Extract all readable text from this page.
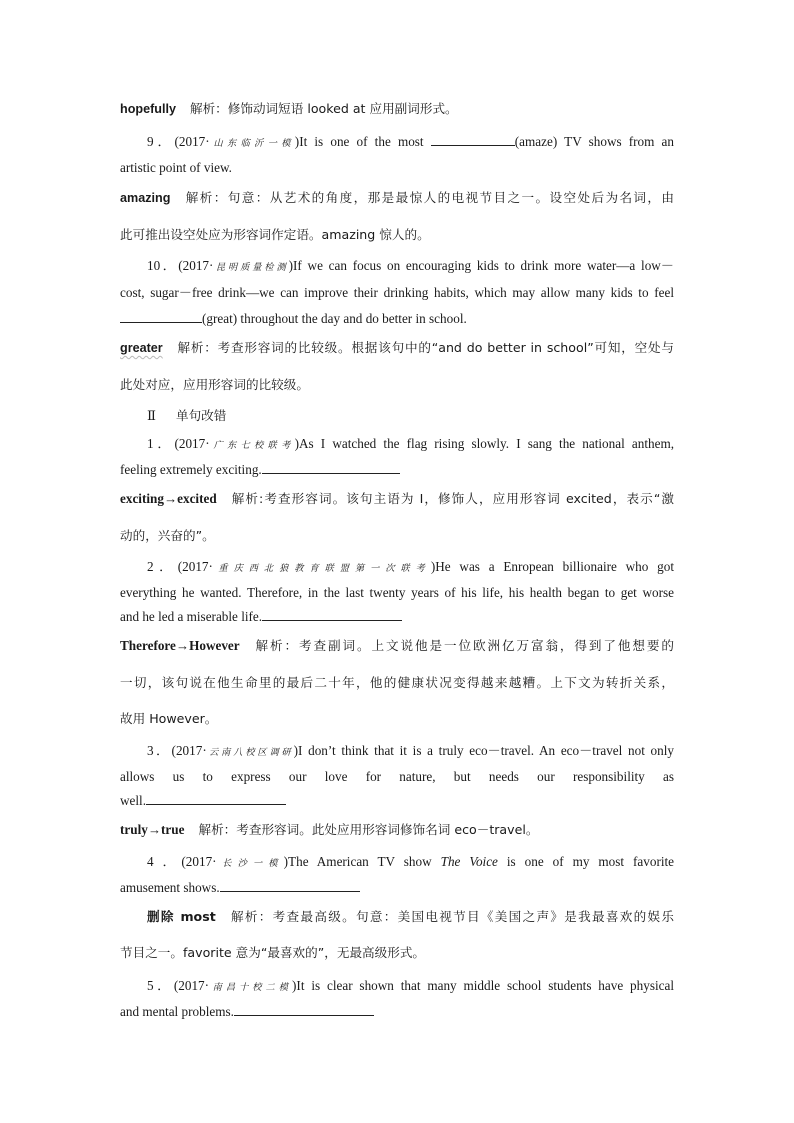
hopefully 解析：修饰动词短语 looked at 应用副词形式。
9．(2017·山东临沂一模)It is one of the most	(amaze) TV shows from an
artistic point of view.
amazing 解析：句意：从艺术的角度，那是最惊人的电视节目之一。设空处后为名词，由
此可推出设空处应为形容词作定语。amazing 惊人的。
10．(2017·昆明质量检测)If we can focus on encouraging kids to drink more water—a low－
cost, sugar－free drink—we can improve their drinking habits, which may allow many kids to feel
(great) throughout the day and do better in school.
greater 解析：考查形容词的比较级。根据该句中的“and do better in school”可知，空处与
此处对应，应用形容词的比较级。
Ⅱ 单句改错
1．(2017·广东七校联考)As I watched the flag rising slowly. I sang the national anthem,
feeling extremely exciting.
exciting→excited 解析:考查形容词。该句主语为 I，修饰人，应用形容词 excited，表示“激
动的，兴奋的”。
2．(2017·重庆西北狼教育联盟第一次联考)He was a Enropean billionaire who got
everything he wanted. Therefore, in the last twenty years of his life, his health began to get worse
and he led a miserable life.
Therefore→However 解析：考查副词。上文说他是一位欧洲亿万富翁，得到了他想要的
一切，该句说在他生命里的最后二十年，他的健康状况变得越来越糟。上下文为转折关系，
故用 However。
3．(2017·云南八校区调研)I don’t think that it is a truly eco－travel. An eco－travel not only
allows us to express our love for nature, but needs our responsibility as
well.
truly→true 解析：考查形容词。此处应用形容词修饰名词 eco－travel。
4 ．(2017·长沙一模)The American TV show The Voice is one of my most favorite
amusement shows.
删除 most 解析：考查最高级。句意：美国电视节目《美国之声》是我最喜欢的娱乐
节目之一。favorite 意为“最喜欢的”，无最高级形式。
5．(2017·南昌十校二模)It is clear shown that many middle school students have physical
and mental problems.
